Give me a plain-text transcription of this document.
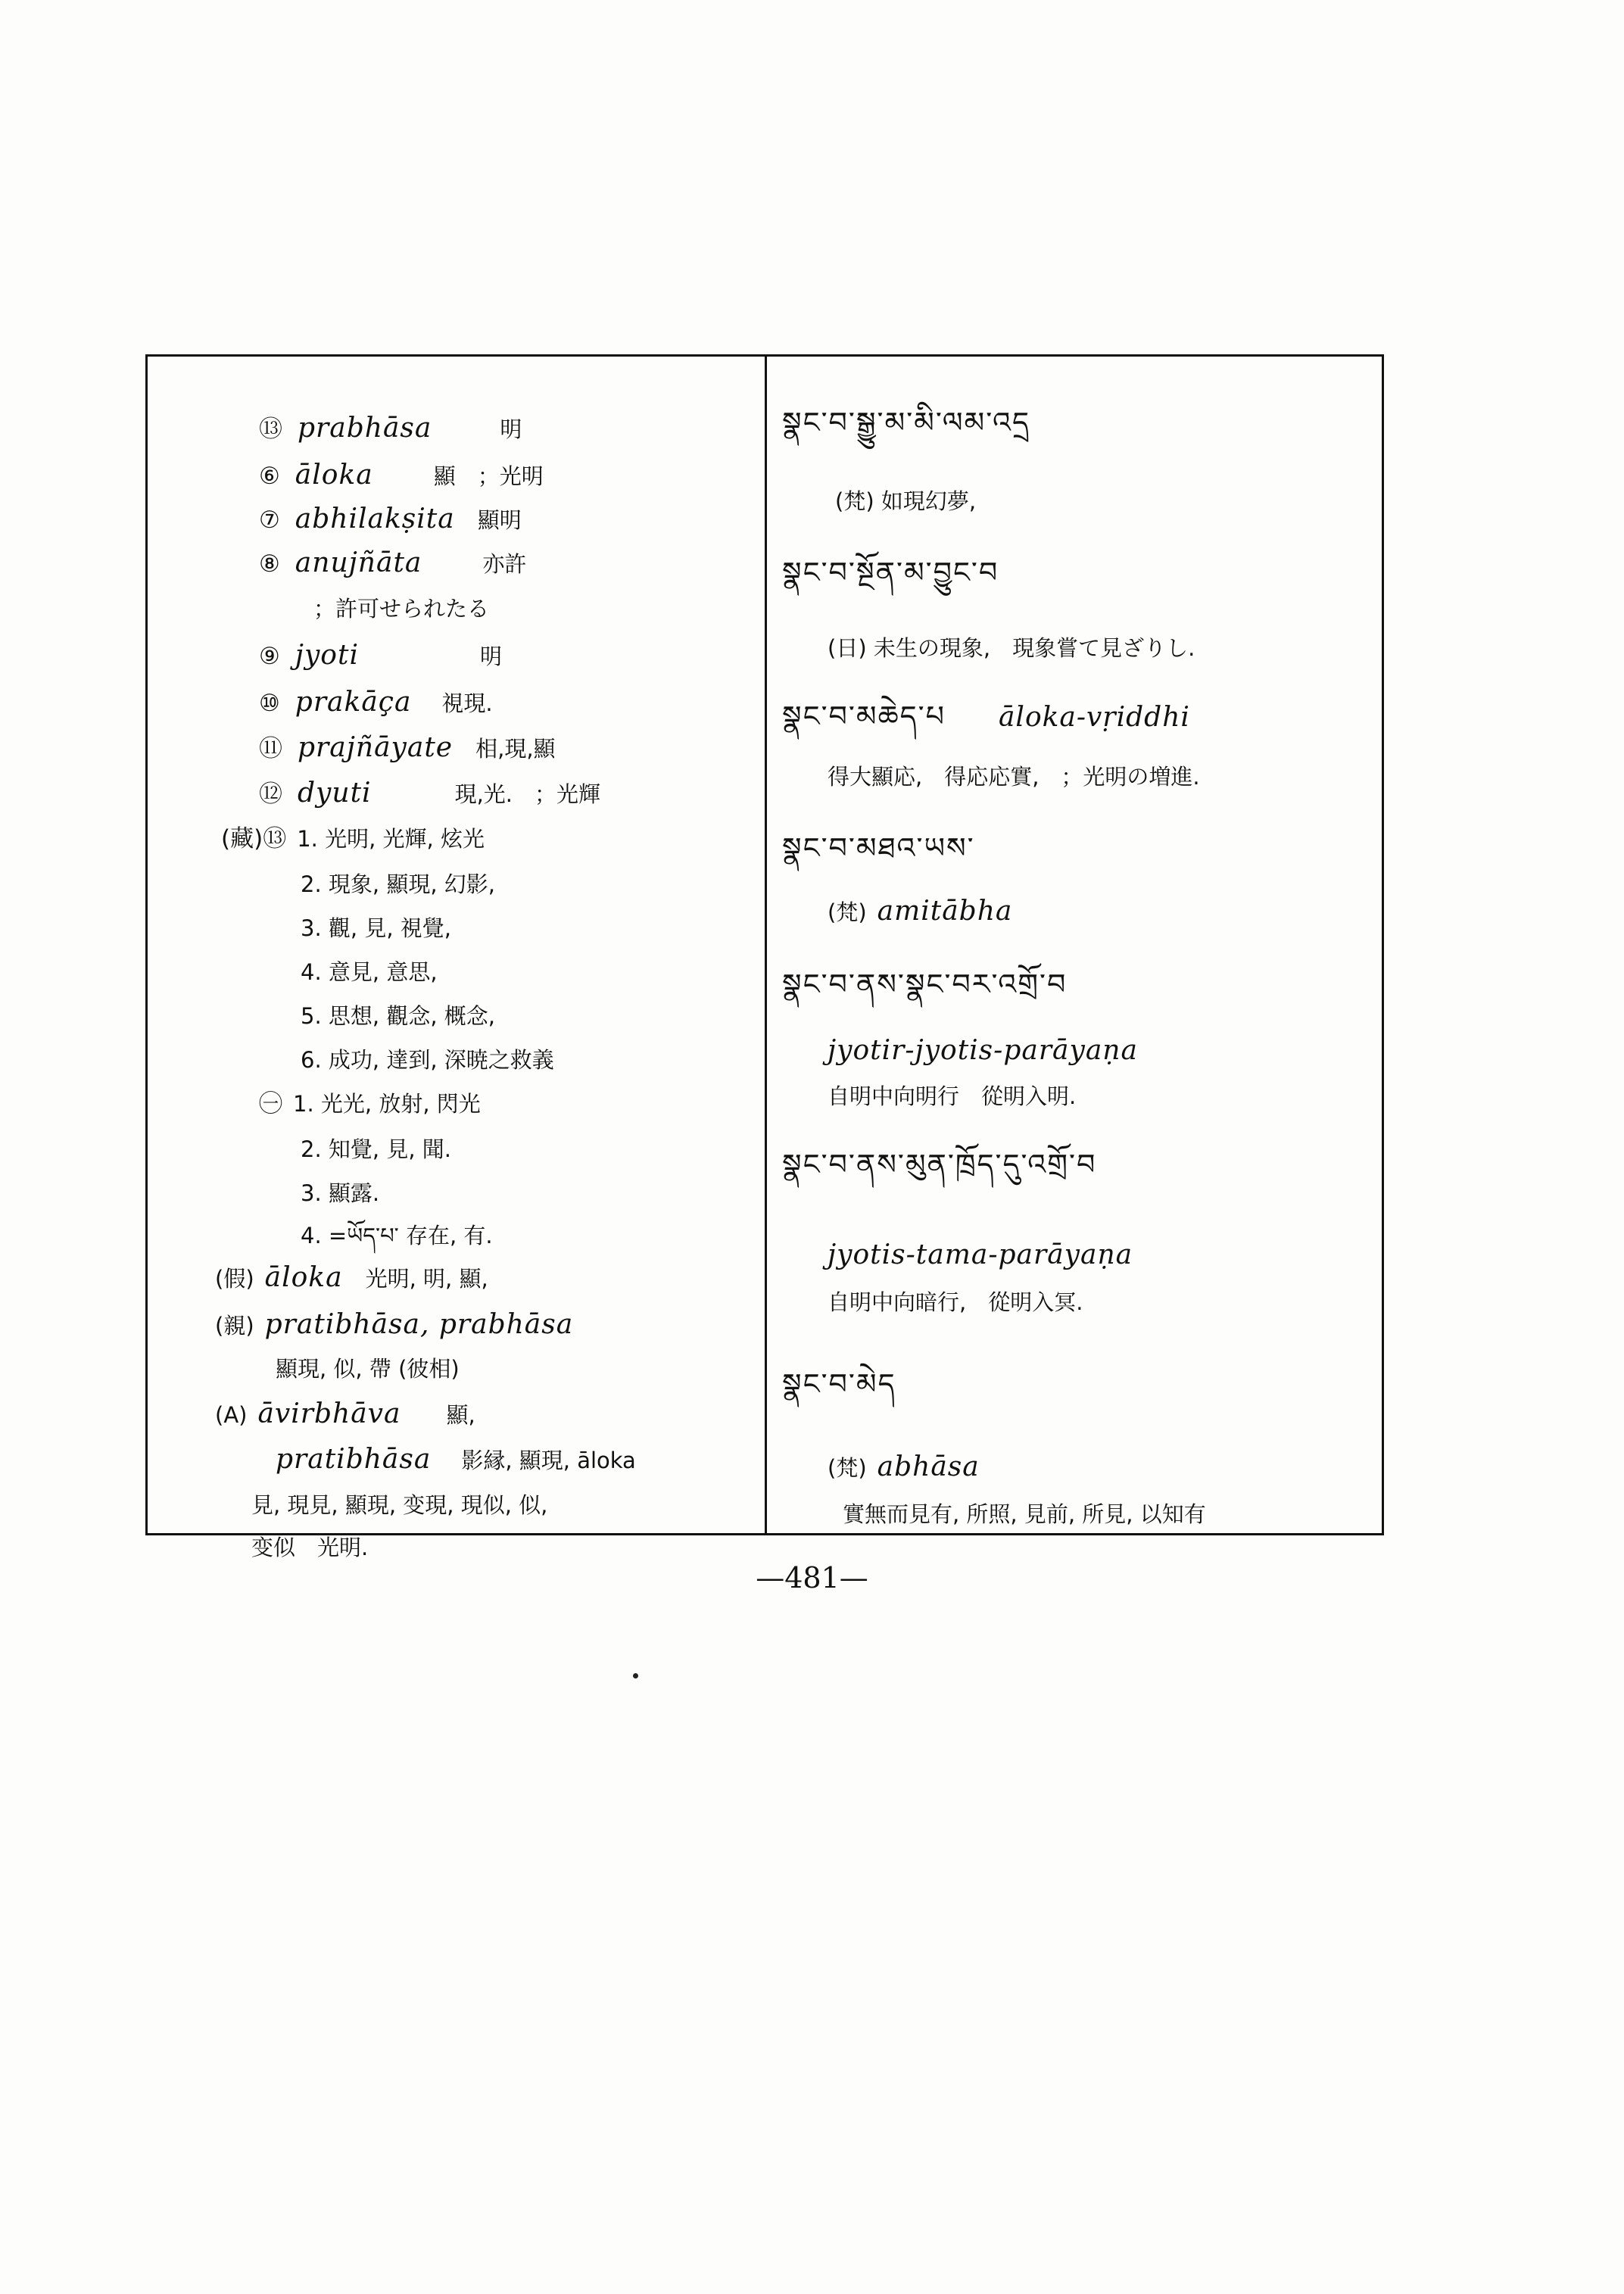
⑬ prabhāsa	明
⑥ āloka	顯　；光明
⑦ abhilakṣita 顯明
⑧ anujñāta	亦許
；許可せられたる
⑨ jyoti	明
⑩ prakāça 視現.
⑪ prajñāyate 相,現,顯
⑫ dyuti	現,光.　；光輝
(藏)⑬ 1. 光明, 光輝, 炫光
2. 現象, 顯現, 幻影,
3. 觀, 見, 視覺,
4. 意見, 意思,
5. 思想, 觀念, 概念,
6. 成功, 達到, 深暁之救義
㊀ 1. 光光, 放射, 閃光
2. 知覺, 見, 聞.
3. 顯露.
4. =ཡོད་པ་ 存在, 有.
(假) āloka 光明, 明, 顯,
(親) pratibhāsa, prabhāsa
顯現, 似, 帶 (彼相)
(A) āvirbhāva 顯,
pratibhāsa 影縁, 顯現, āloka
見, 現見, 顯現, 变現, 現似, 似,
变似　光明.
སྣང་བ་སྒྱུ་མ་མི་ལམ་འདྲ
(梵) 如現幻夢,
སྣང་བ་སྔོན་མ་བྱུང་བ
(日) 未生の現象,　現象嘗て見ざりし.
སྣང་བ་མཆེད་པ āloka-vṛiddhi
得大顯応,　得応応實,　；光明の増進.
སྣང་བ་མཐའ་ཡས་
(梵) amitābha
སྣང་བ་ནས་སྣང་བར་འགྲོ་བ
jyotir-jyotis-parāyaṇa
自明中向明行　從明入明.
སྣང་བ་ནས་མུན་ཁྲོད་དུ་འགྲོ་བ
jyotis-tama-parāyaṇa
自明中向暗行,　從明入冥.
སྣང་བ་མེད
(梵) abhāsa
實無而見有, 所照, 見前, 所見, 以知有
—481—
